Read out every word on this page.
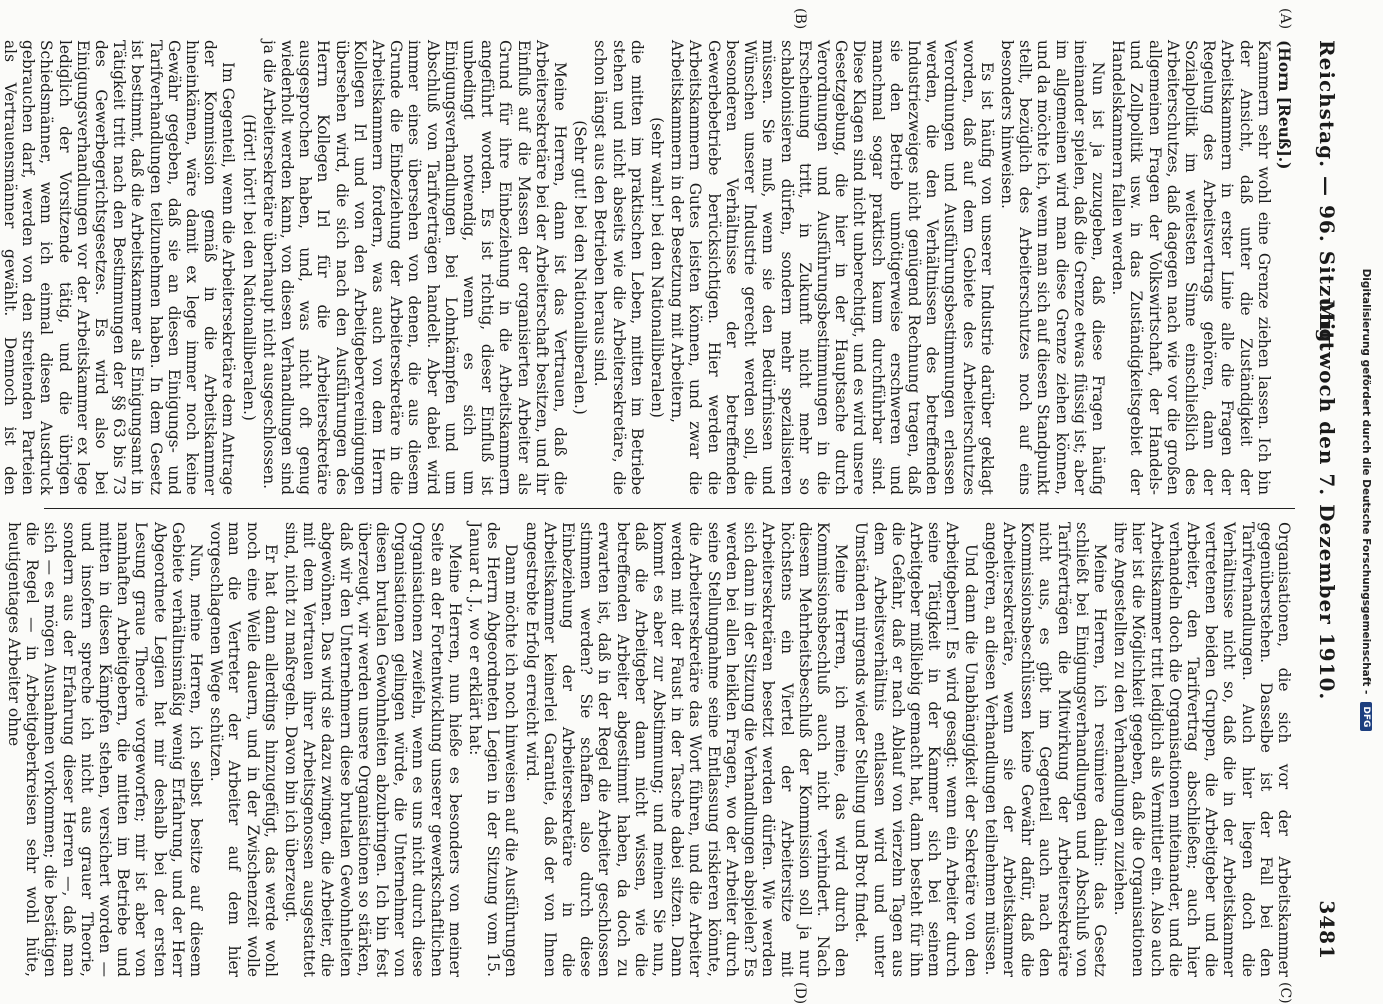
Digitalisierung gefördert durch die Deutsche Forschungsgemeinschaft -
DFG
Reichstag. — 96. Sitzung.
Mittwoch den 7. Dezember 1910.
3481
(A)
(B)
(C)
(D)

(Horn [Reuß].)

Kammern sehr wohl eine Grenze ziehen lassen. Ich bin der Ansicht, daß unter die Zuständigkeit der Arbeitskammern in erster Linie alle die Fragen der Regelung des Arbeitsvertrags gehören, dann der Sozialpolitik im weitesten Sinne einschließlich des Arbeiterschutzes, daß dagegen nach wie vor die großen allgemeinen Fragen der Volkswirtschaft, der Handels- und Zollpolitik usw. in das Zuständigkeitsgebiet der Handelskammern fallen werden.

Nun ist ja zuzugeben, daß diese Fragen häufig ineinander spielen, daß die Grenze etwas flüssig ist; aber im allgemeinen wird man diese Grenze ziehen können, und da möchte ich, wenn man sich auf diesen Standpunkt stellt, bezüglich des Arbeiterschutzes noch auf eins besonders hinweisen.

Es ist häufig von unserer Industrie darüber geklagt worden, daß auf dem Gebiete des Arbeiterschutzes Verordnungen und Ausführungsbestimmungen erlassen werden, die den Verhältnissen des betreffenden Industriezweiges nicht genügend Rechnung tragen, daß sie den Betrieb unnötigerweise erschweren und manchmal sogar praktisch kaum durchführbar sind. Diese Klagen sind nicht unberechtigt, und es wird unsere Gesetzgebung, die hier in der Hauptsache durch Verordnungen und Ausführungsbestimmungen in die Erscheinung tritt, in Zukunft nicht mehr so schablonisieren dürfen, sondern mehr spezialisieren müssen. Sie muß, wenn sie den Bedürfnissen und Wünschen unserer Industrie gerecht werden soll, die besonderen Verhältnisse der betreffenden Gewerbebetriebe berücksichtigen. Hier werden die Arbeitskammern Gutes leisten können, und zwar die Arbeitskammern in der Besetzung mit Arbeitern,

(sehr wahr! bei den Nationalliberalen)

die mitten im praktischen Leben, mitten im Betriebe stehen und nicht abseits wie die Arbeitersekretäre, die schon längst aus den Betrieben heraus sind.

(Sehr gut! bei den Nationalliberalen.)

Meine Herren, dann ist das Vertrauen, daß die Arbeitersekretäre bei der Arbeiterschaft besitzen, und ihr Einfluß auf die Massen der organisierten Arbeiter als Grund für ihre Einbeziehung in die Arbeitskammern angeführt worden. Es ist richtig, dieser Einfluß ist unbedingt notwendig, wenn es sich um Einigungsverhandlungen bei Lohnkämpfen und um Abschluß von Tarifverträgen handelt. Aber dabei wird immer eines übersehen von denen, die aus diesem Grunde die Einbeziehung der Arbeitersekretäre in die Arbeitskammern fordern, was auch von dem Herrn Kollegen Irl und von den Arbeitgebervereinigungen übersehen wird, die sich nach den Ausführungen des Herrn Kollegen Irl für die Arbeitersekretäre ausgesprochen haben, und, was nicht oft genug wiederholt werden kann, von diesen Verhandlungen sind ja die Arbeitersekretäre überhaupt nicht ausgeschlossen.

(Hört! hört! bei den Nationalliberalen.)

Im Gegenteil, wenn die Arbeitersekretäre dem Antrage der Kommission gemäß in die Arbeitskammer hineinkämen, wäre damit ex lege immer noch keine Gewähr gegeben, daß sie an diesen Einigungs- und Tarifverhandlungen teilzunehmen haben. In dem Gesetz ist bestimmt, daß die Arbeitskammer als Einigungsamt in Tätigkeit tritt nach den Bestimmungen der §§ 63 bis 73 des Gewerbegerichtsgesetzes. Es wird also bei Einigungsverhandlungen vor der Arbeitskammer ex lege lediglich der Vorsitzende tätig, und die übrigen Schiedsmänner, wenn ich einmal diesen Ausdruck gebrauchen darf, werden von den streitenden Parteien als Vertrauensmänner gewählt. Dennoch ist den

Organisationen, die sich vor der Arbeitskammer gegenüberstehen. Dasselbe ist der Fall bei den Tarifverhandlungen. Auch hier liegen doch die Verhältnisse nicht so, daß die in der Arbeitskammer vertretenen beiden Gruppen, die Arbeitgeber und die Arbeiter, den Tarifvertrag abschließen; auch hier verhandeln doch die Organisationen miteinander, und die Arbeitskammer tritt lediglich als Vermittler ein. Also auch hier ist die Möglichkeit gegeben, daß die Organisationen ihre Angestellten zu den Verhandlungen zuziehen.

Meine Herren, ich resümiere dahin: das Gesetz schließt bei Einigungsverhandlungen und Abschluß von Tarifverträgen die Mitwirkung der Arbeitersekretäre nicht aus, es gibt im Gegenteil auch nach den Kommissionsbeschlüssen keine Gewähr dafür, daß die Arbeitersekretäre, wenn sie der Arbeitskammer angehören, an diesen Verhandlungen teilnehmen müssen.

Und dann die Unabhängigkeit der Sekretäre von den Arbeitgebern! Es wird gesagt: wenn ein Arbeiter durch seine Tätigkeit in der Kammer sich bei seinem Arbeitgeber mißliebig gemacht hat, dann besteht für ihn die Gefahr, daß er nach Ablauf von vierzehn Tagen aus dem Arbeitsverhältnis entlassen wird und unter Umständen nirgends wieder Stellung und Brot findet.

Meine Herren, ich meine, das wird durch den Kommissionsbeschluß auch nicht verhindert. Nach diesem Mehrheitsbeschluß der Kommission soll ja nur höchstens ein Viertel der Arbeitersitze mit Arbeitersekretären besetzt werden dürfen. Wie werden sich dann in der Sitzung die Verhandlungen abspielen? Es werden bei allen heiklen Fragen, wo der Arbeiter durch seine Stellungnahme seine Entlassung riskieren könnte, die Arbeitersekretäre das Wort führen, und die Arbeiter werden mit der Faust in der Tasche dabei sitzen. Dann kommt es aber zur Abstimmung; und meinen Sie nun, daß die Arbeitgeber dann nicht wissen, wie die betreffenden Arbeiter abgestimmt haben, da doch zu erwarten ist, daß in der Regel die Arbeiter geschlossen stimmen werden? Sie schaffen also durch diese Einbeziehung der Arbeitersekretäre in die Arbeitskammer keinerlei Garantie, daß der von Ihnen angestrebte Erfolg erreicht wird.

Dann möchte ich noch hinweisen auf die Ausführungen des Herrn Abgeordneten Legien in der Sitzung vom 15. Januar d. J., wo er erklärt hat:

Meine Herren, nun hieße es besonders von meiner Seite an der Fortentwicklung unserer gewerkschaftlichen Organisationen zweifeln, wenn es uns nicht durch diese Organisationen gelingen würde, die Unternehmer von diesen brutalen Gewohnheiten abzubringen. Ich bin fest überzeugt, wir werden unsere Organisationen so stärken, daß wir den Unternehmern diese brutalen Gewohnheiten abgewöhnen. Das wird sie dazu zwingen, die Arbeiter, die mit dem Vertrauen ihrer Arbeitsgenossen ausgestattet sind, nicht zu maßregeln. Davon bin ich überzeugt.

Er hat dann allerdings hinzugefügt, das werde wohl noch eine Weile dauern, und in der Zwischenzeit wolle man die Vertreter der Arbeiter auf dem hier vorgeschlagenen Wege schützen.

Nun, meine Herren, ich selbst besitze auf diesem Gebiete verhältnismäßig wenig Erfahrung, und der Herr Abgeordnete Legien hat mir deshalb bei der ersten Lesung graue Theorie vorgeworfen; mir ist aber von namhaften Arbeitgebern, die mitten im Betriebe und mitten in diesen Kämpfen stehen, versichert worden — und insofern spreche ich nicht aus grauer Theorie, sondern aus der Erfahrung dieser Herren —, daß man sich — es mögen Ausnahmen vorkommen; die bestätigen die Regel — in Arbeitgeberkreisen sehr wohl hüte, heutigentages Arbeiter ohne
